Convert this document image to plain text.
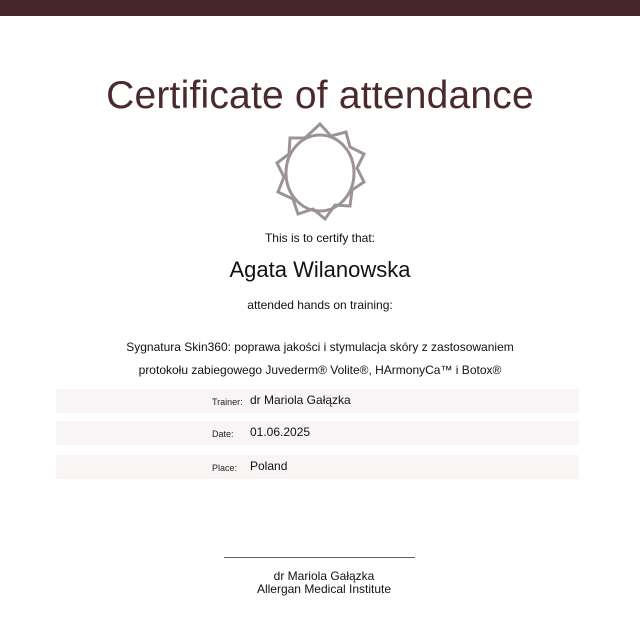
Certificate of attendance
This is to certify that:
Agata Wilanowska
attended hands on training:
Sygnatura Skin360: poprawa jakości i stymulacja skóry z zastosowaniem
protokołu zabiegowego Juvederm® Volite®, HArmonyCa™ i Botox®
Trainer: dr Mariola Gałązka
Date: 01.06.2025
Place: Poland
dr Mariola Gałązka
Allergan Medical Institute
